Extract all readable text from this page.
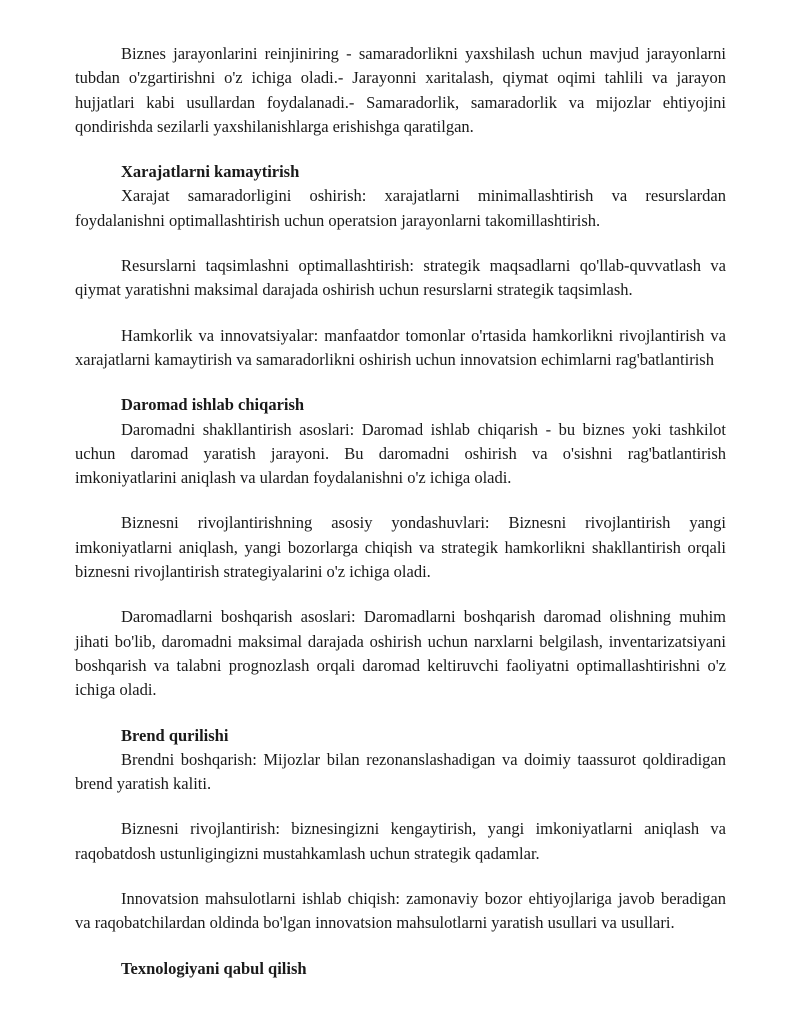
Biznes jarayonlarini reinjiniring - samaradorlikni yaxshilash uchun mavjud jarayonlarni tubdan o'zgartirishni o'z ichiga oladi.- Jarayonni xaritalash, qiymat oqimi tahlili va jarayon hujjatlari kabi usullardan foydalanadi.- Samaradorlik, samaradorlik va mijozlar ehtiyojini qondirishda sezilarli yaxshilanishlarga erishishga qaratilgan.

Xarajatlarni kamaytirish

Xarajat samaradorligini oshirish: xarajatlarni minimallashtirish va resurslardan foydalanishni optimallashtirish uchun operatsion jarayonlarni takomillashtirish.

Resurslarni taqsimlashni optimallashtirish: strategik maqsadlarni qo'llab-quvvatlash va qiymat yaratishni maksimal darajada oshirish uchun resurslarni strategik taqsimlash.

Hamkorlik va innovatsiyalar: manfaatdor tomonlar o'rtasida hamkorlikni rivojlantirish va xarajatlarni kamaytirish va samaradorlikni oshirish uchun innovatsion echimlarni rag'batlantirish

Daromad ishlab chiqarish

Daromadni shakllantirish asoslari: Daromad ishlab chiqarish - bu biznes yoki tashkilot uchun daromad yaratish jarayoni. Bu daromadni oshirish va o'sishni rag'batlantirish imkoniyatlarini aniqlash va ulardan foydalanishni o'z ichiga oladi.

Biznesni rivojlantirishning asosiy yondashuvlari: Biznesni rivojlantirish yangi imkoniyatlarni aniqlash, yangi bozorlarga chiqish va strategik hamkorlikni shakllantirish orqali biznesni rivojlantirish strategiyalarini o'z ichiga oladi.

Daromadlarni boshqarish asoslari: Daromadlarni boshqarish daromad olishning muhim jihati bo'lib, daromadni maksimal darajada oshirish uchun narxlarni belgilash, inventarizatsiyani boshqarish va talabni prognozlash orqali daromad keltiruvchi faoliyatni optimallashtirishni o'z ichiga oladi.

Brend qurilishi

Brendni boshqarish: Mijozlar bilan rezonanslashadigan va doimiy taassurot qoldiradigan brend yaratish kaliti.

Biznesni rivojlantirish: biznesingizni kengaytirish, yangi imkoniyatlarni aniqlash va raqobatdosh ustunligingizni mustahkamlash uchun strategik qadamlar.

Innovatsion mahsulotlarni ishlab chiqish: zamonaviy bozor ehtiyojlariga javob beradigan va raqobatchilardan oldinda bo'lgan innovatsion mahsulotlarni yaratish usullari va usullari.

Texnologiyani qabul qilish
